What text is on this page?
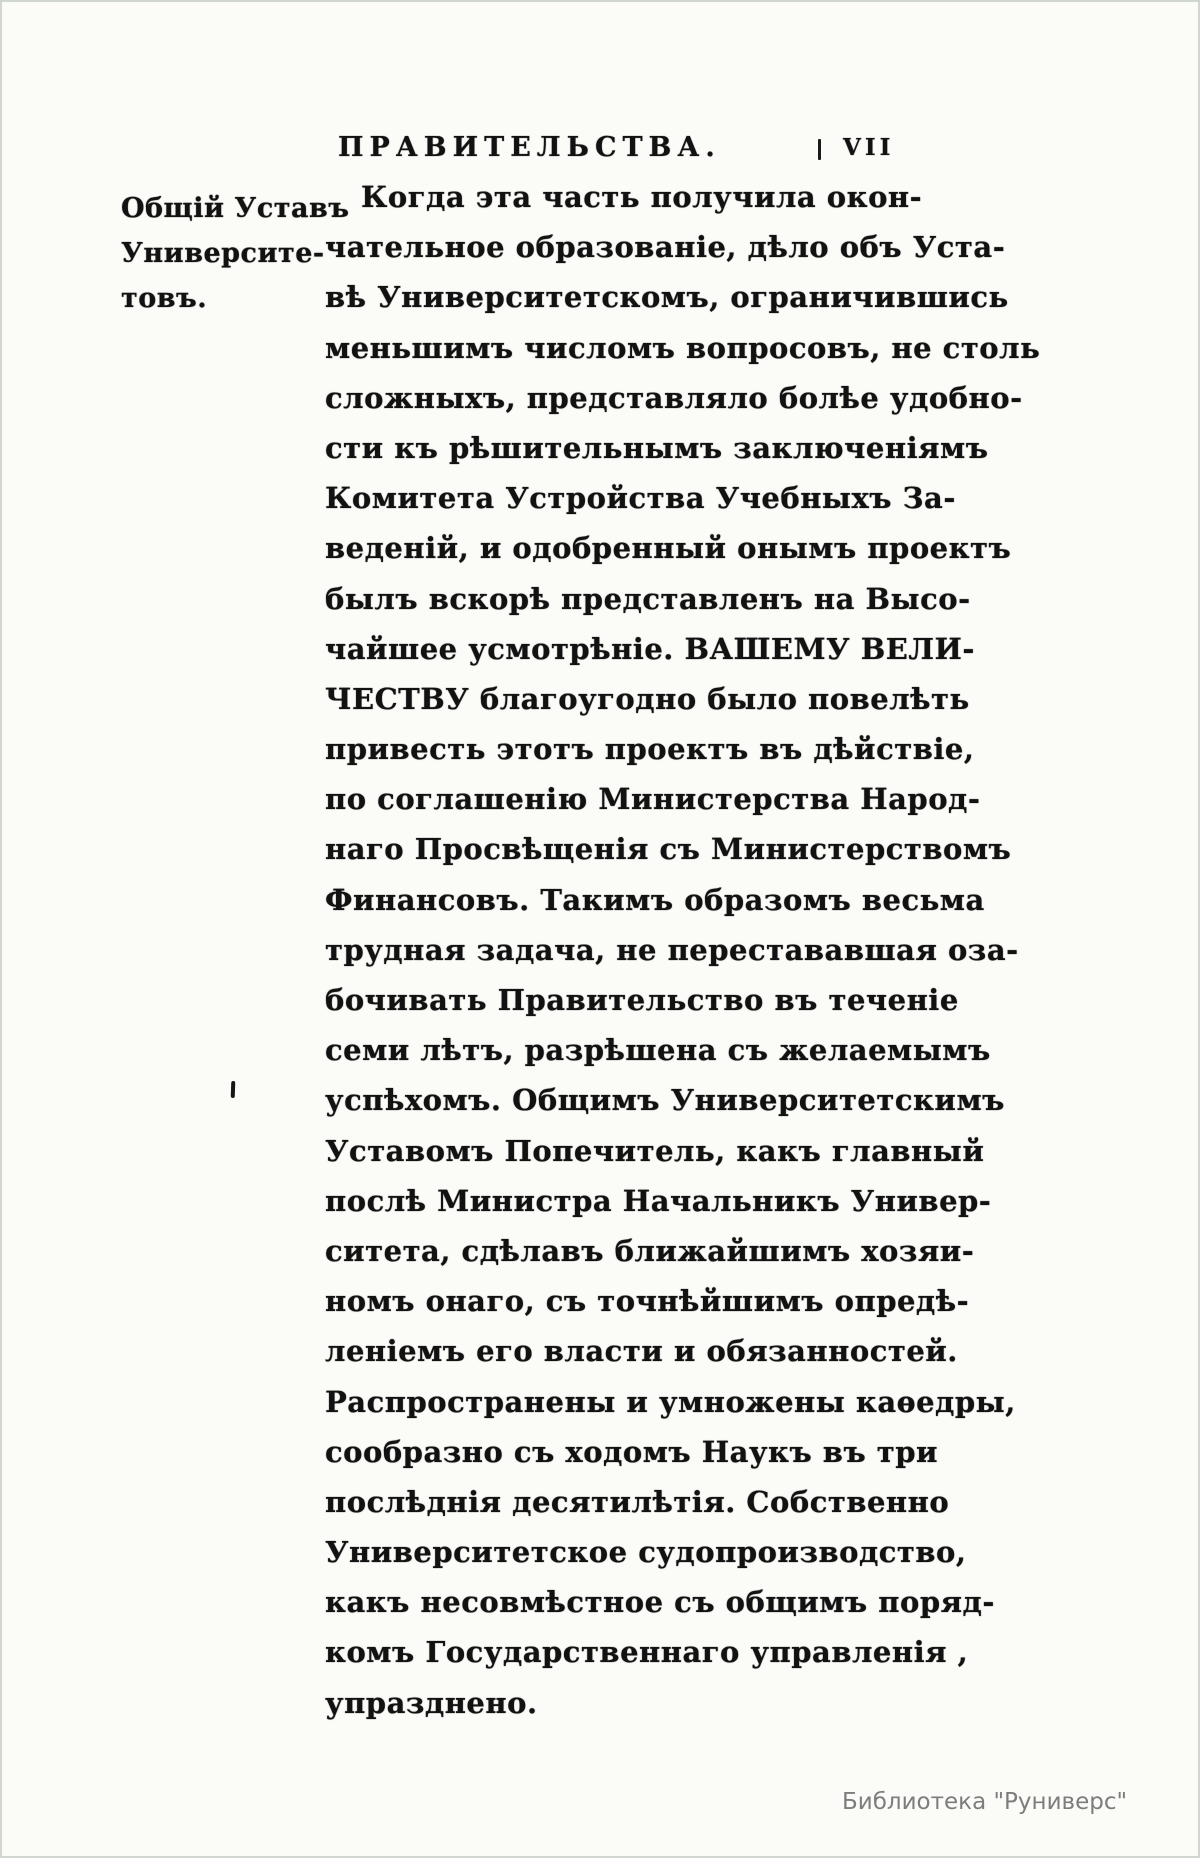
ПРАВИТЕЛЬСТВА.	VII
Общій Уставъ
Университе-
товъ.
Когда эта часть получила окон-
чательное образованіе, дѣло объ Уста-
вѣ Университетскомъ, ограничившись
меньшимъ числомъ вопросовъ, не столь
сложныхъ, представляло болѣе удобно-
сти къ рѣшительнымъ заключеніямъ
Комитета Устройства Учебныхъ За-
веденій, и одобренный онымъ проектъ
былъ вскорѣ представленъ на Высо-
чайшее усмотрѣніе. ВАШЕМУ ВЕЛИ-
ЧЕСТВУ благоугодно было повелѣть
привесть этотъ проектъ въ дѣйствіе,
по соглашенію Министерства Народ-
наго Просвѣщенія съ Министерствомъ
Финансовъ. Такимъ образомъ весьма
трудная задача, не перестававшая оза-
бочивать Правительство въ теченіе
семи лѣтъ, разрѣшена съ желаемымъ
успѣхомъ. Общимъ Университетскимъ
Уставомъ Попечитель, какъ главный
послѣ Министра Начальникъ Универ-
ситета, сдѣлавъ ближайшимъ хозяи-
номъ онаго, съ точнѣйшимъ опредѣ-
леніемъ его власти и обязанностей.
Распространены и умножены каѳедры,
сообразно съ ходомъ Наукъ въ три
послѣднія десятилѣтія. Собственно
Университетское судопроизводство,
какъ несовмѣстное съ общимъ поряд-
комъ Государственнаго управленія ,
упразднено.
Библиотека "Руниверс"
